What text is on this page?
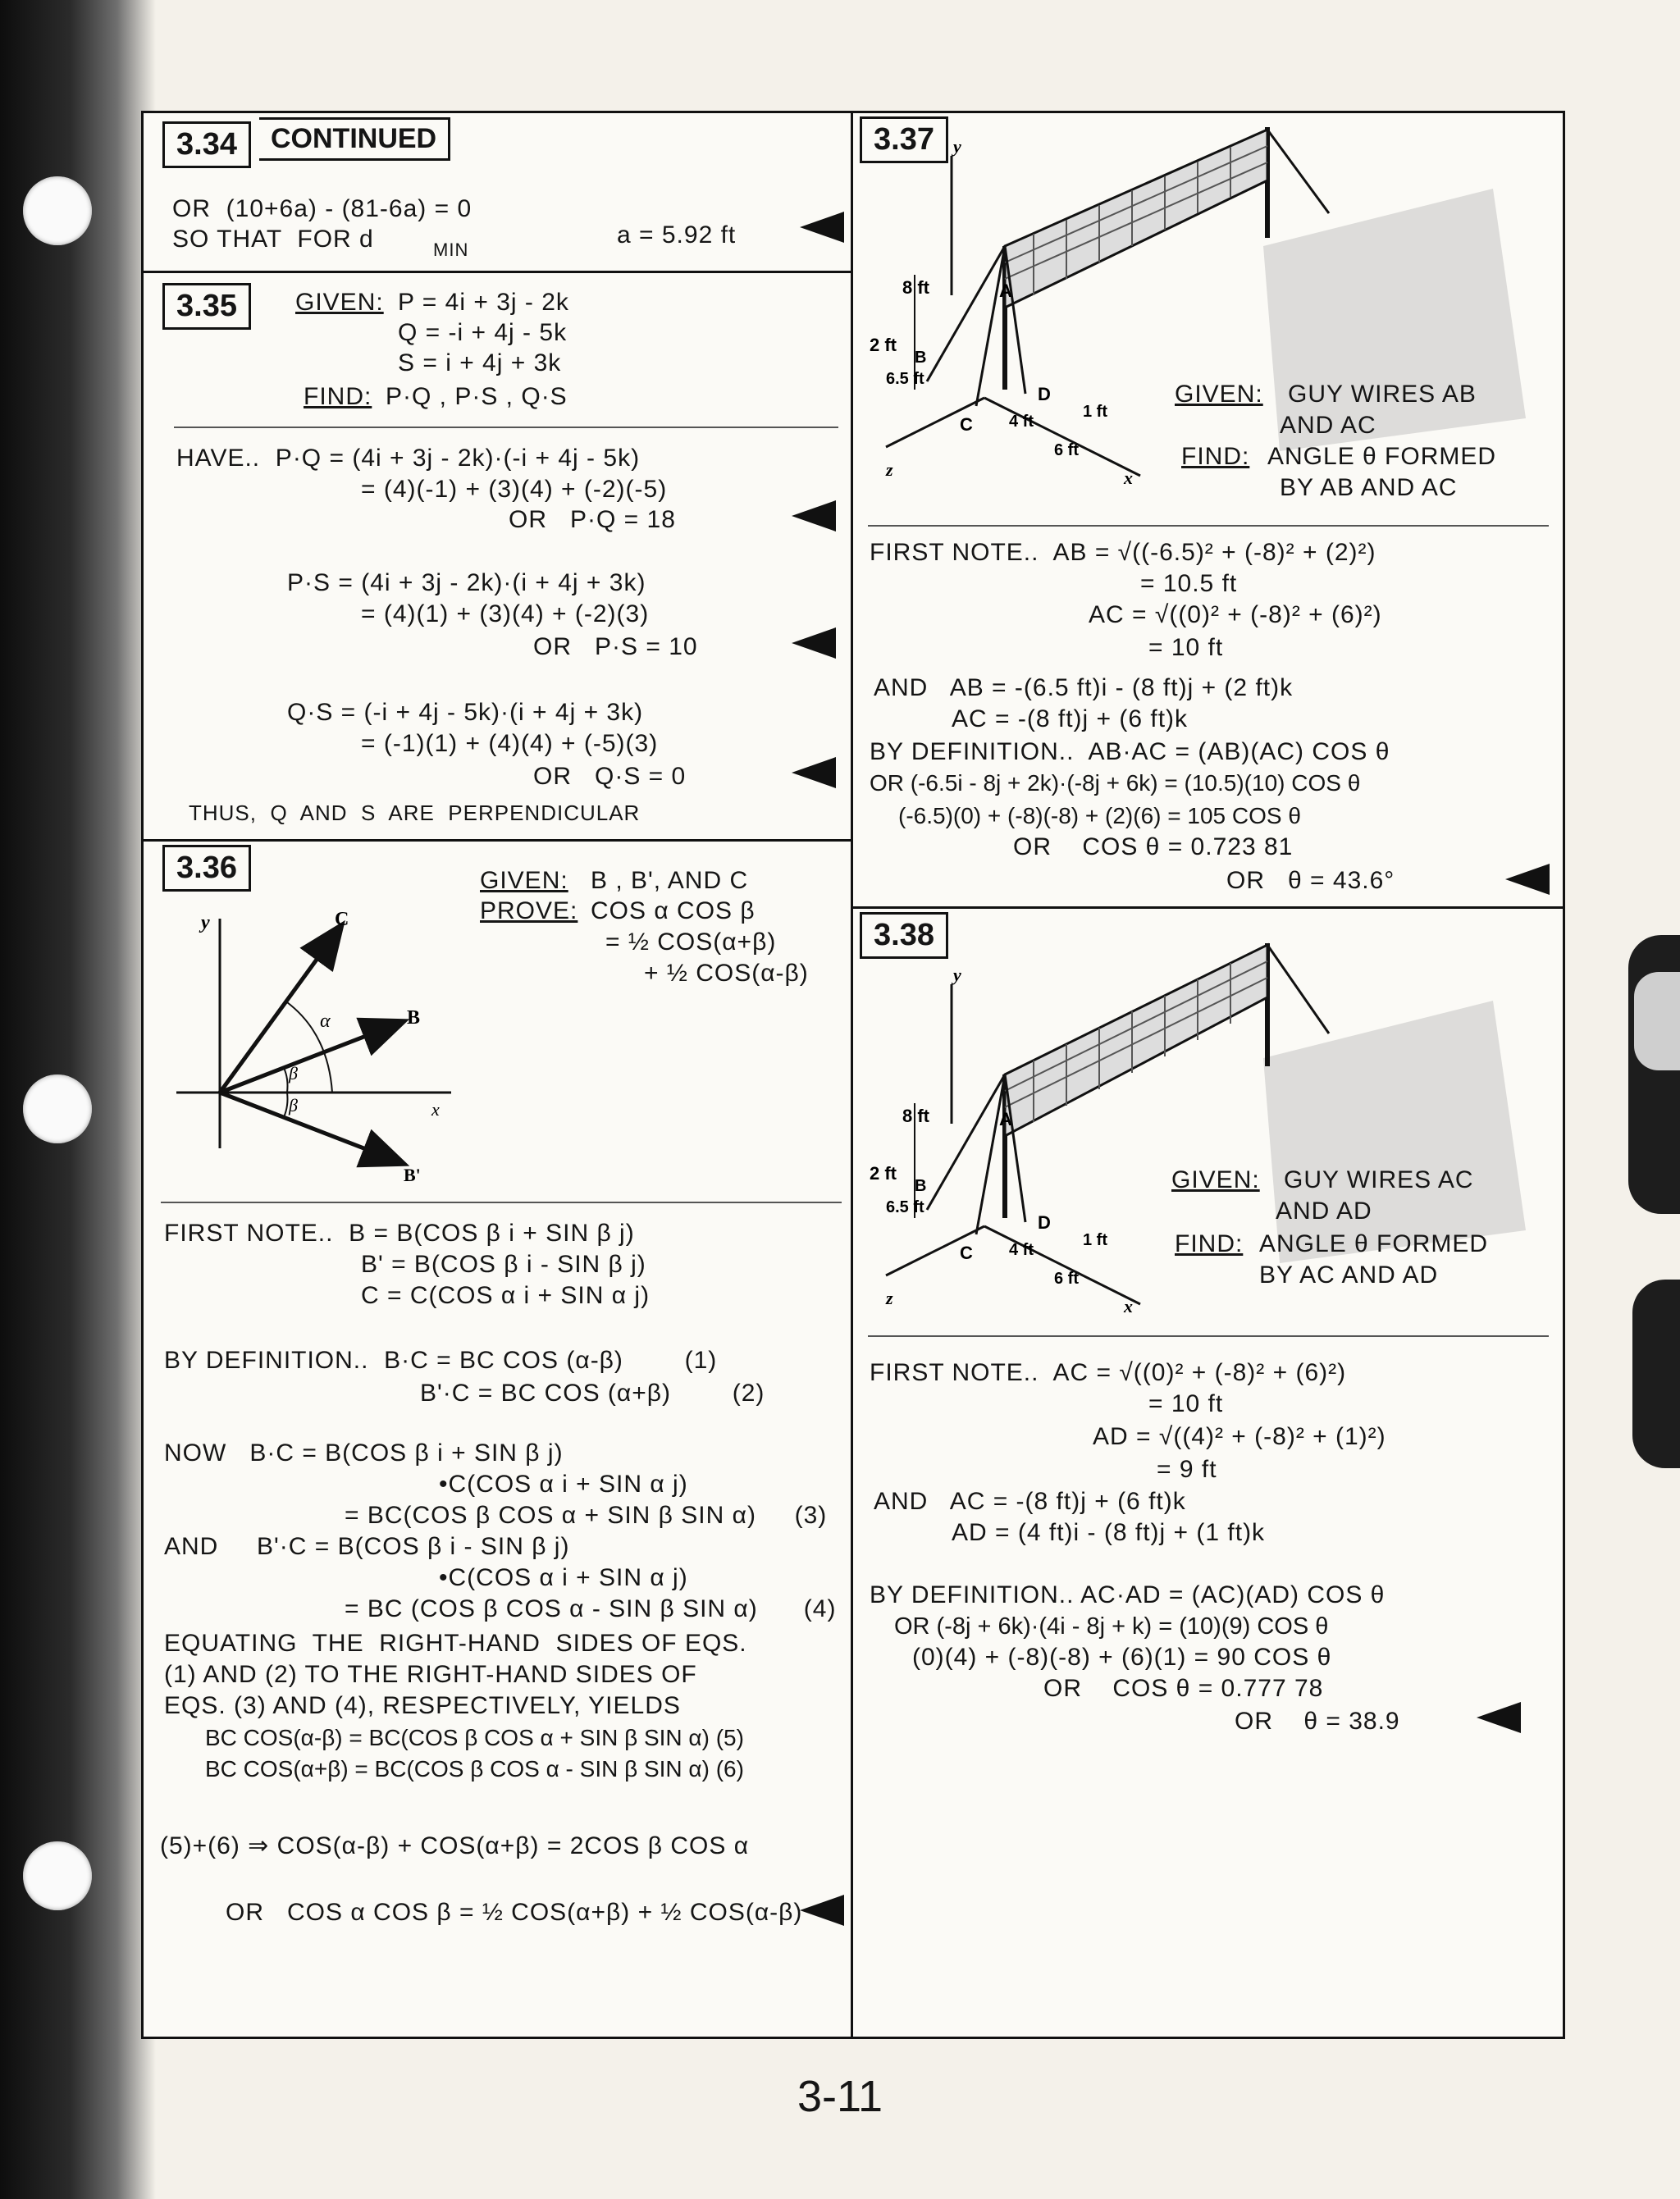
3.34	CONTINUED
OR  (10+6a) - (81-6a) = 0
SO THAT  FOR d	MIN
a = 5.92 ft
3.35	GIVEN: P = 4i + 3j - 2k
Q = -i + 4j - 5k
S = i + 4j + 3k
FIND: P·Q , P·S , Q·S
HAVE..  P·Q = (4i + 3j - 2k)·(-i + 4j - 5k)
= (4)(-1) + (3)(4) + (-2)(-5)
OR   P·Q = 18
P·S = (4i + 3j - 2k)·(i + 4j + 3k)
= (4)(1) + (3)(4) + (-2)(3)
OR   P·S = 10
Q·S = (-i + 4j - 5k)·(i + 4j + 3k)
= (-1)(1) + (4)(4) + (-5)(3)
OR   Q·S = 0
THUS,  Q  AND  S  ARE  PERPENDICULAR
3.36	GIVEN: B , B', AND C
PROVE: COS α COS β
= ½ COS(α+β)
+ ½ COS(α-β)
y	C
α	B
β
β	x
B'
FIRST NOTE..  B = B(COS β i + SIN β j)
B' = B(COS β i - SIN β j)
C = C(COS α i + SIN α j)
BY DEFINITION..  B·C = BC COS (α-β)        (1)
B'·C = BC COS (α+β)        (2)
NOW   B·C = B(COS β i + SIN β j)
•C(COS α i + SIN α j)
= BC(COS β COS α + SIN β SIN α)     (3)
AND     B'·C = B(COS β i - SIN β j)
•C(COS α i + SIN α j)
= BC (COS β COS α - SIN β SIN α)      (4)
EQUATING  THE  RIGHT-HAND  SIDES OF EQS.
(1) AND (2) TO THE RIGHT-HAND SIDES OF
EQS. (3) AND (4), RESPECTIVELY, YIELDS
BC COS(α-β) = BC(COS β COS α + SIN β SIN α) (5)
BC COS(α+β) = BC(COS β COS α - SIN β SIN α) (6)
(5)+(6) ⇒ COS(α-β) + COS(α+β) = 2COS β COS α
OR   COS α COS β = ½ COS(α+β) + ½ COS(α-β)
3.37	y
8 ft	A
2 ft
B
6.5 ft
C
D
1 ft
4 ft
6 ft
z	x
GIVEN: GUY WIRES AB
AND AC
FIND: ANGLE θ FORMED
BY AB AND AC
FIRST NOTE..  AB = √((-6.5)² + (-8)² + (2)²)
= 10.5 ft
AC = √((0)² + (-8)² + (6)²)
= 10 ft
AND   AB = -(6.5 ft)i - (8 ft)j + (2 ft)k
AC = -(8 ft)j + (6 ft)k
BY DEFINITION..  AB·AC = (AB)(AC) COS θ
OR (-6.5i - 8j + 2k)·(-8j + 6k) = (10.5)(10) COS θ
(-6.5)(0) + (-8)(-8) + (2)(6) = 105 COS θ
OR    COS θ = 0.723 81
OR   θ = 43.6°
3.38
y
8 ft	A
2 ft
B
6.5 ft
C
D
1 ft
4 ft
6 ft
z	x
GIVEN: GUY WIRES AC
AND AD
FIND: ANGLE θ FORMED
BY AC AND AD
FIRST NOTE..  AC = √((0)² + (-8)² + (6)²)
= 10 ft
AD = √((4)² + (-8)² + (1)²)
= 9 ft
AND   AC = -(8 ft)j + (6 ft)k
AD = (4 ft)i - (8 ft)j + (1 ft)k
BY DEFINITION.. AC·AD = (AC)(AD) COS θ
OR (-8j + 6k)·(4i - 8j + k) = (10)(9) COS θ
(0)(4) + (-8)(-8) + (6)(1) = 90 COS θ
OR    COS θ = 0.777 78
OR    θ = 38.9
3-11
